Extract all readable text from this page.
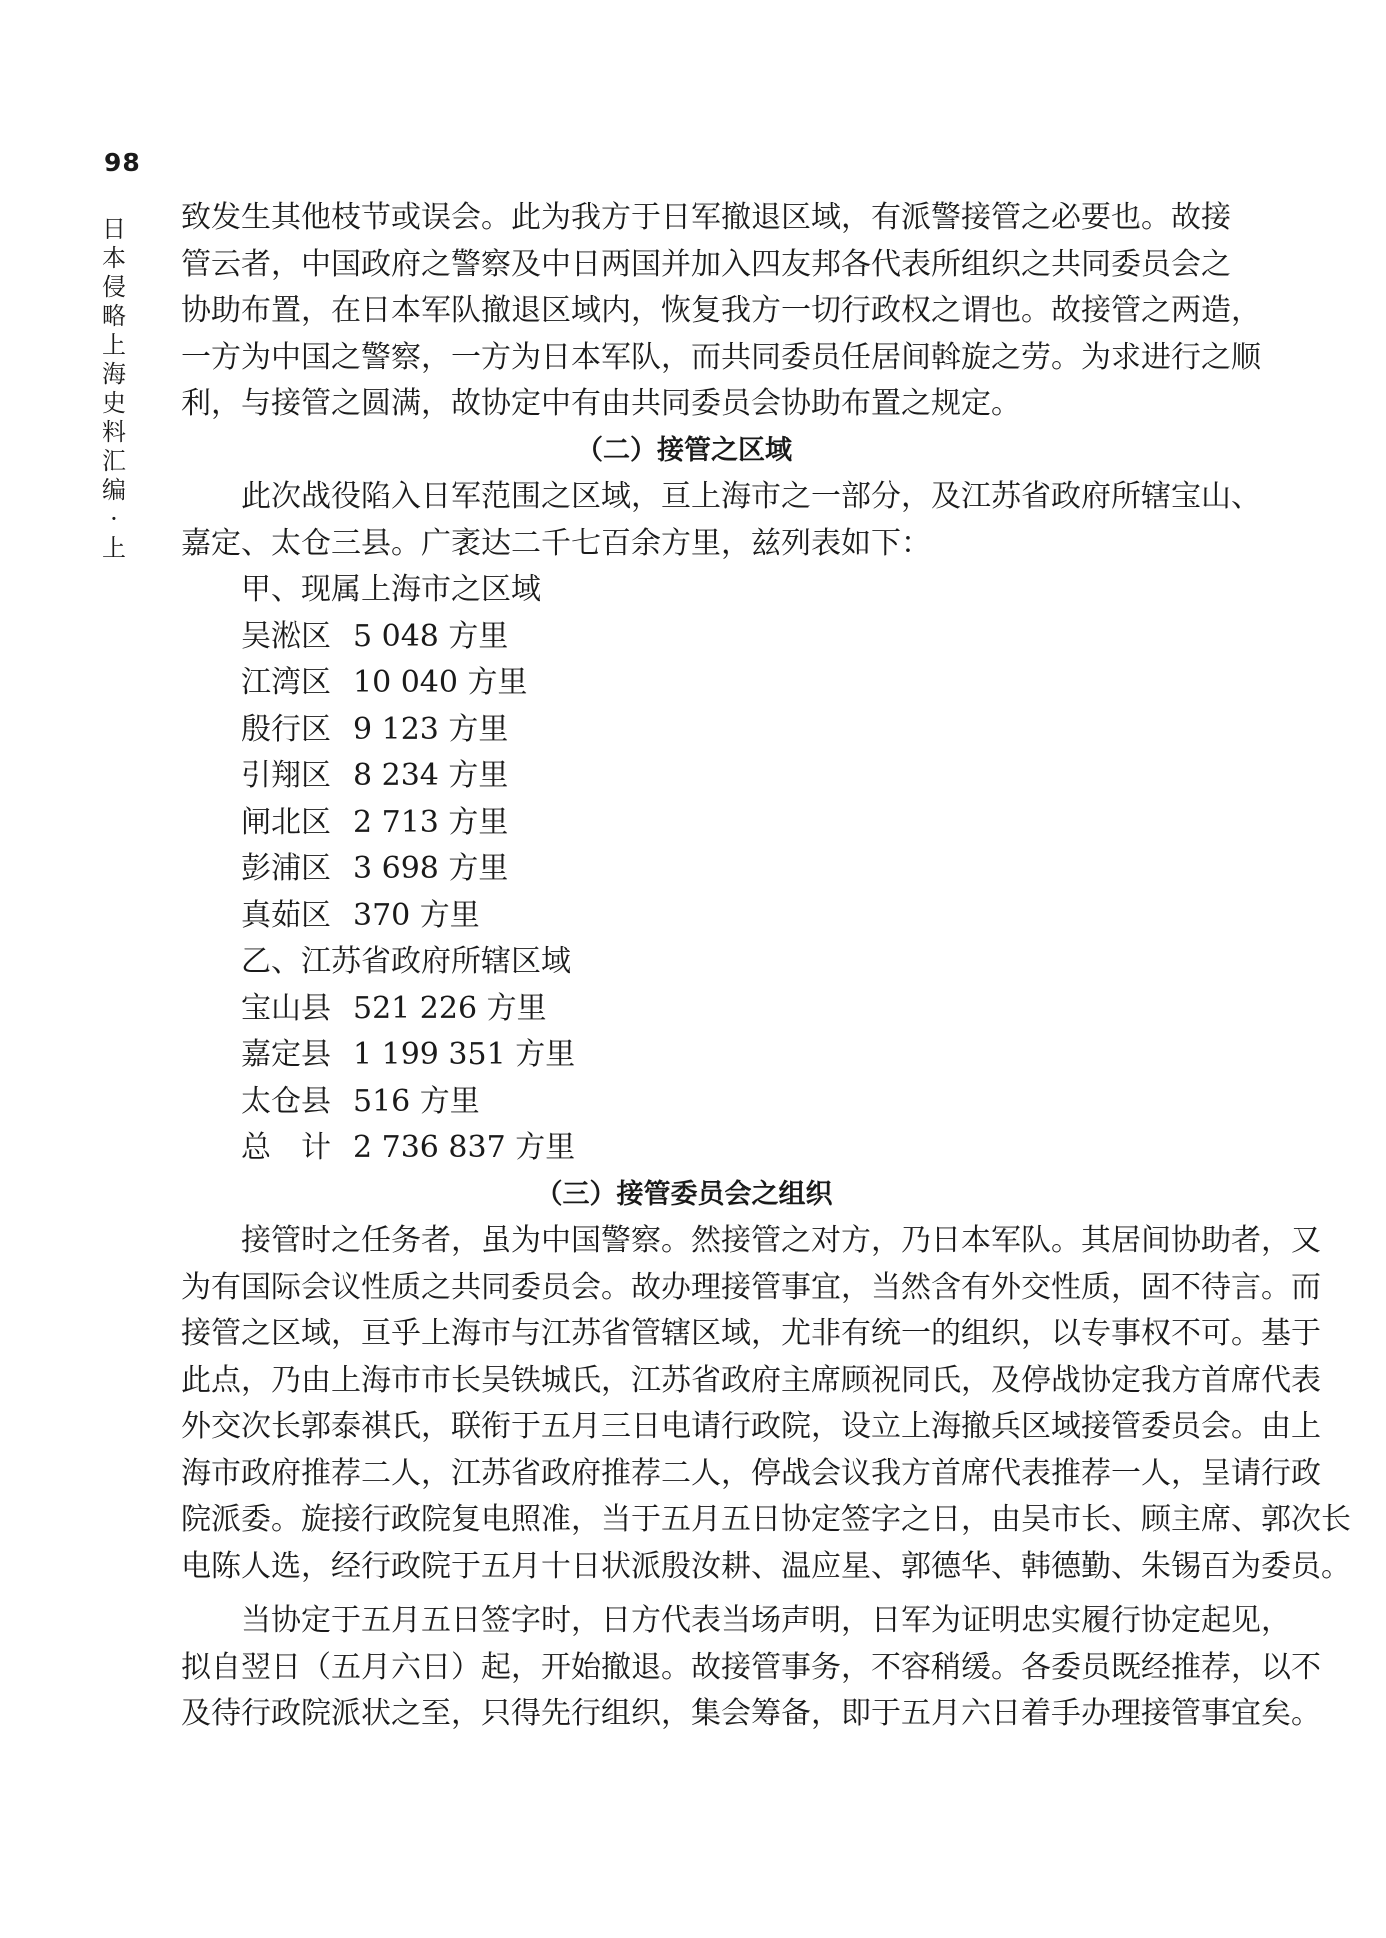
98
日本侵略上海史料汇编·上
致发生其他枝节或误会。此为我方于日军撤退区域，有派警接管之必要也。故接
管云者，中国政府之警察及中日两国并加入四友邦各代表所组织之共同委员会之
协助布置，在日本军队撤退区域内，恢复我方一切行政权之谓也。故接管之两造，
一方为中国之警察，一方为日本军队，而共同委员任居间斡旋之劳。为求进行之顺
利，与接管之圆满，故协定中有由共同委员会协助布置之规定。
（二）接管之区域
此次战役陷入日军范围之区域，亘上海市之一部分，及江苏省政府所辖宝山、
嘉定、太仓三县。广袤达二千七百余方里，兹列表如下：
甲、现属上海市之区域
吴淞区 5 048 方里
江湾区 10 040 方里
殷行区 9 123 方里
引翔区 8 234 方里
闸北区 2 713 方里
彭浦区 3 698 方里
真茹区 370 方里
乙、江苏省政府所辖区域
宝山县 521 226 方里
嘉定县 1 199 351 方里
太仓县 516 方里
总　计 2 736 837 方里
（三）接管委员会之组织
接管时之任务者，虽为中国警察。然接管之对方，乃日本军队。其居间协助者，又
为有国际会议性质之共同委员会。故办理接管事宜，当然含有外交性质，固不待言。而
接管之区域，亘乎上海市与江苏省管辖区域，尤非有统一的组织，以专事权不可。基于
此点，乃由上海市市长吴铁城氏，江苏省政府主席顾祝同氏，及停战协定我方首席代表
外交次长郭泰祺氏，联衔于五月三日电请行政院，设立上海撤兵区域接管委员会。由上
海市政府推荐二人，江苏省政府推荐二人，停战会议我方首席代表推荐一人，呈请行政
院派委。旋接行政院复电照准，当于五月五日协定签字之日，由吴市长、顾主席、郭次长
电陈人选，经行政院于五月十日状派殷汝耕、温应星、郭德华、韩德勤、朱锡百为委员。
当协定于五月五日签字时，日方代表当场声明，日军为证明忠实履行协定起见，
拟自翌日（五月六日）起，开始撤退。故接管事务，不容稍缓。各委员既经推荐，以不
及待行政院派状之至，只得先行组织，集会筹备，即于五月六日着手办理接管事宜矣。
